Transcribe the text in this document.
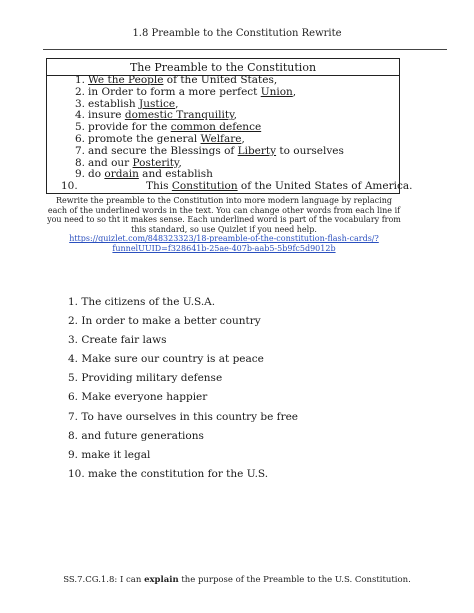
1.8 Preamble to the Constitution Rewrite
The Preamble to the Constitution
1. We the People of the United States,
2. in Order to form a more perfect Union,
3. establish Justice,
4. insure domestic Tranquility,
5. provide for the common defence
6. promote the general Welfare,
7. and secure the Blessings of Liberty to ourselves
8. and our Posterity,
9. do ordain and establish
10.	This Constitution of the United States of America.
Rewrite the preamble to the Constitution into more modern language by replacing each of the underlined words in the text. You can change other words from each line if you need to so tht it makes sense. Each underlined word is part of the vocabulary from this standard, so use Quizlet if you need help.
https://quizlet.com/848323323/18-preamble-of-the-constitution-flash-cards/?funnelUUID=f328641b-25ae-407b-aab5-5b9fc5d9012b
1. The citizens of the U.S.A.
2. In order to make a better country
3. Create fair laws
4. Make sure our country is at peace
5. Providing military defense
6. Make everyone happier
7. To have ourselves in this country be free
8. and future generations
9. make it legal
10. make the constitution for the U.S.
SS.7.CG.1.8: I can explain the purpose of the Preamble to the U.S. Constitution.
